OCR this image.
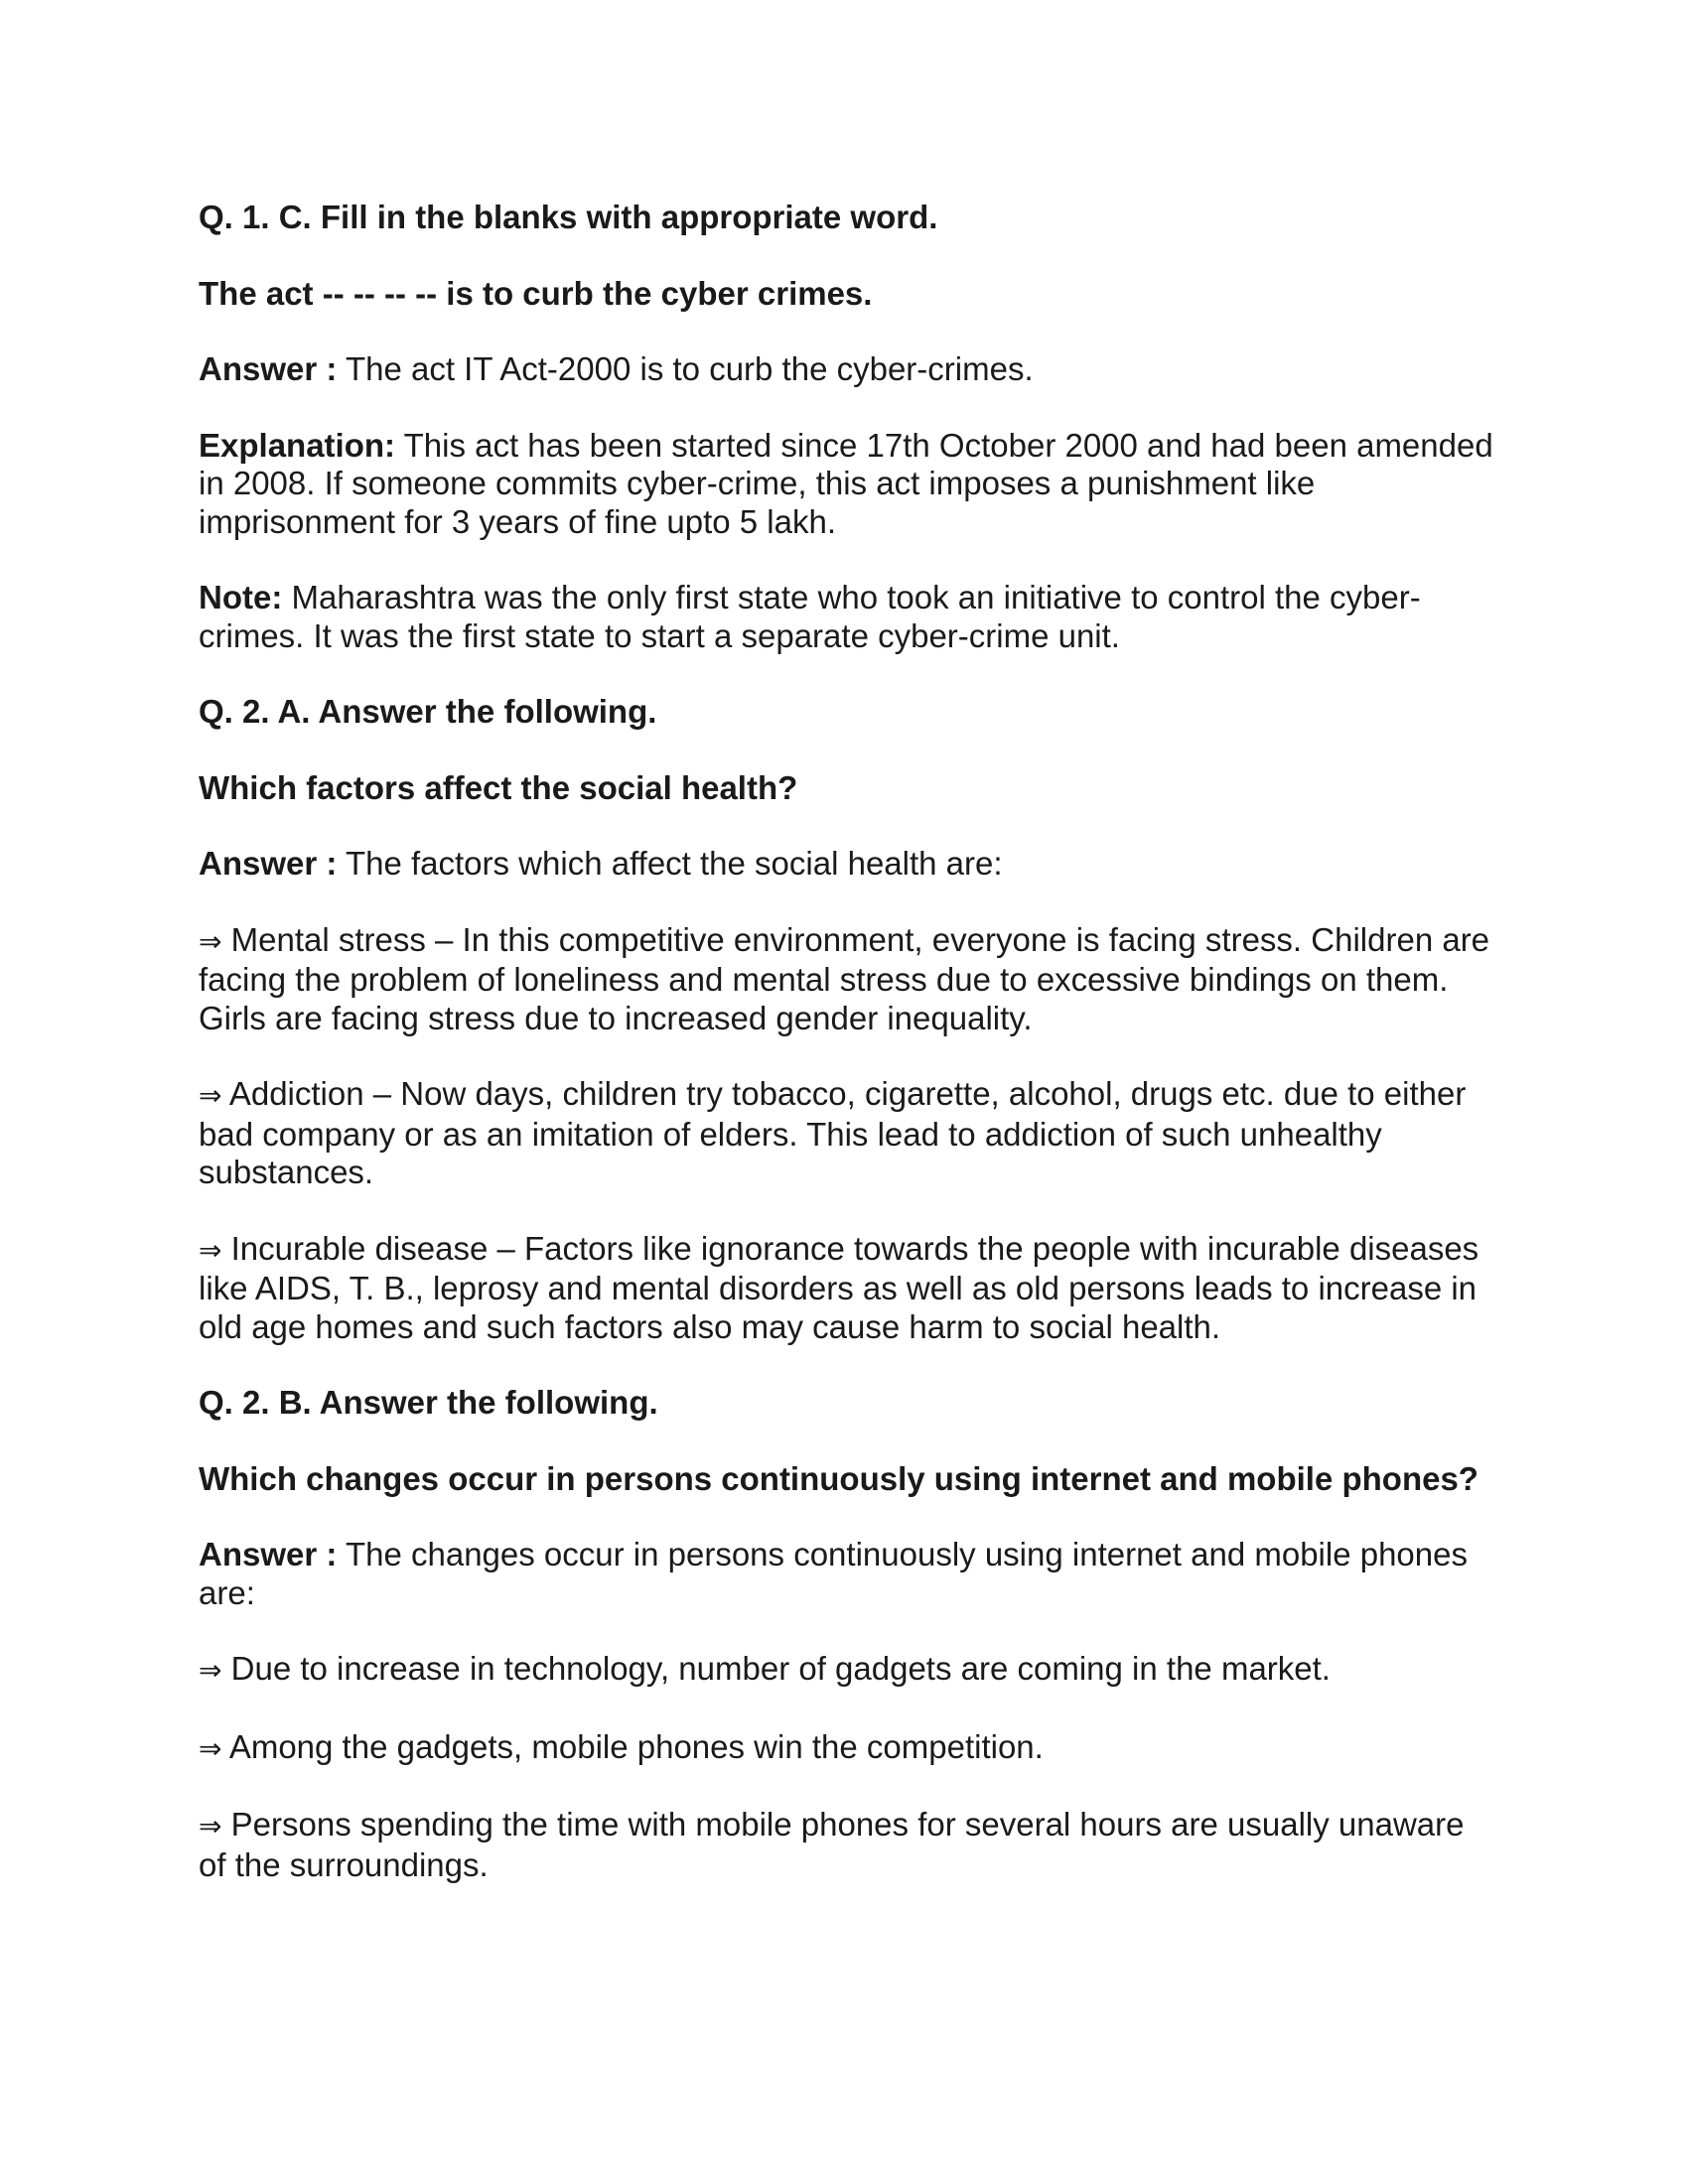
Q. 1. C. Fill in the blanks with appropriate word.

The act -- -- -- -- is to curb the cyber crimes.

Answer : The act IT Act-2000 is to curb the cyber-crimes.

Explanation: This act has been started since 17th October 2000 and had been amended in 2008. If someone commits cyber-crime, this act imposes a punishment like imprisonment for 3 years of fine upto 5 lakh.

Note: Maharashtra was the only first state who took an initiative to control the cyber-crimes. It was the first state to start a separate cyber-crime unit.

Q. 2. A. Answer the following.

Which factors affect the social health?

Answer : The factors which affect the social health are:

⇒ Mental stress – In this competitive environment, everyone is facing stress. Children are facing the problem of loneliness and mental stress due to excessive bindings on them. Girls are facing stress due to increased gender inequality.

⇒ Addiction – Now days, children try tobacco, cigarette, alcohol, drugs etc. due to either bad company or as an imitation of elders. This lead to addiction of such unhealthy substances.

⇒ Incurable disease – Factors like ignorance towards the people with incurable diseases like AIDS, T. B., leprosy and mental disorders as well as old persons leads to increase in old age homes and such factors also may cause harm to social health.

Q. 2. B. Answer the following.

Which changes occur in persons continuously using internet and mobile phones?

Answer : The changes occur in persons continuously using internet and mobile phones are:

⇒ Due to increase in technology, number of gadgets are coming in the market.

⇒ Among the gadgets, mobile phones win the competition.

⇒ Persons spending the time with mobile phones for several hours are usually unaware of the surroundings.
